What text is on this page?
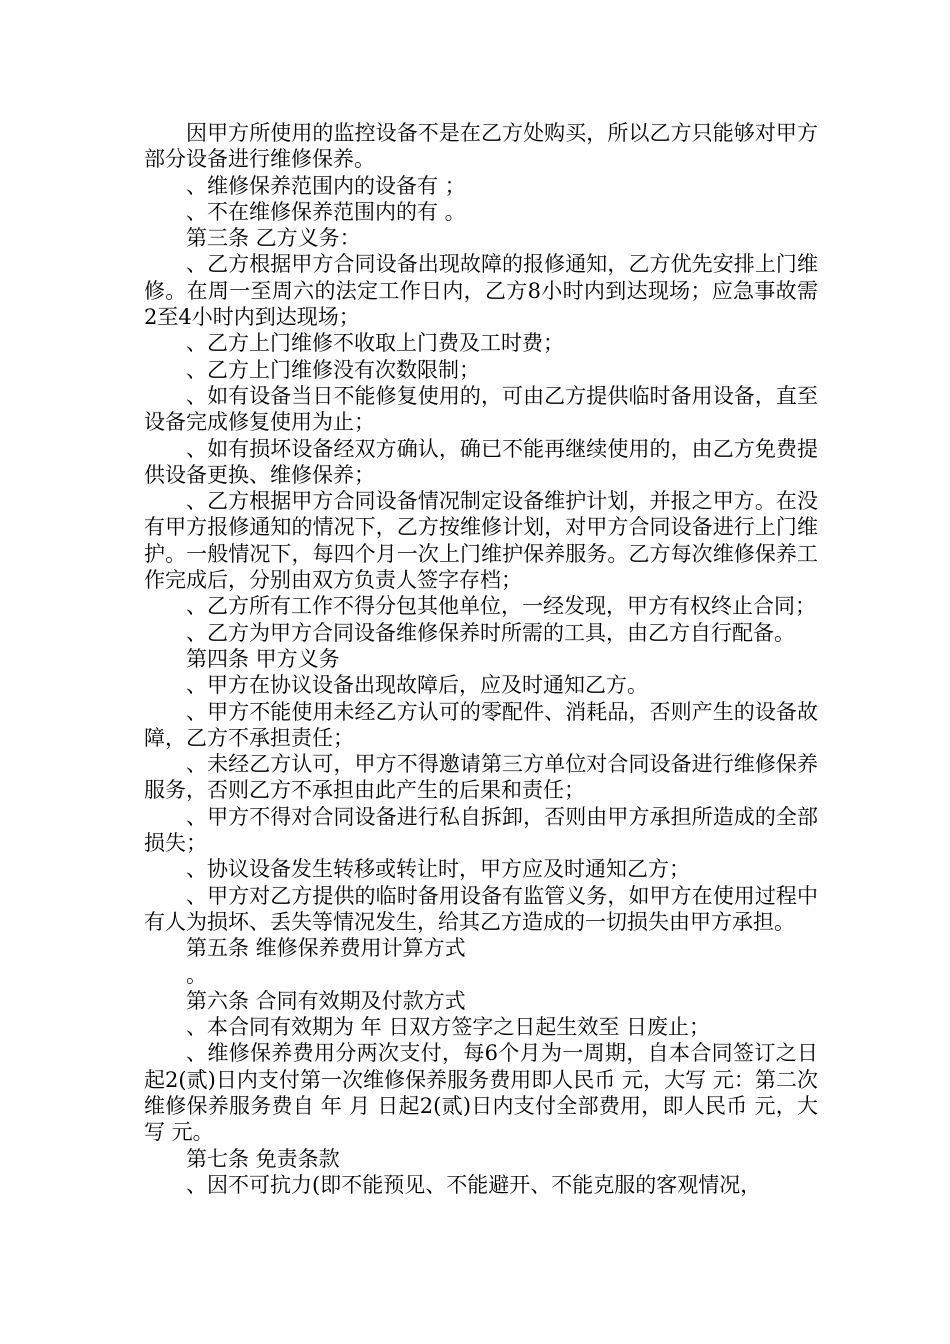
因甲方所使用的监控设备不是在乙方处购买，所以乙方只能够对甲方部分设备进行维修保养。

、维修保养范围内的设备有 ；

、不在维修保养范围内的有 。

第三条 乙方义务：

、乙方根据甲方合同设备出现故障的报修通知，乙方优先安排上门维修。在周一至周六的法定工作日内，乙方8小时内到达现场；应急事故需2至4小时内到达现场；

、乙方上门维修不收取上门费及工时费；

、乙方上门维修没有次数限制；

、如有设备当日不能修复使用的，可由乙方提供临时备用设备，直至设备完成修复使用为止；

、如有损坏设备经双方确认，确已不能再继续使用的，由乙方免费提供设备更换、维修保养；

、乙方根据甲方合同设备情况制定设备维护计划，并报之甲方。在没有甲方报修通知的情况下，乙方按维修计划，对甲方合同设备进行上门维护。一般情况下，每四个月一次上门维护保养服务。乙方每次维修保养工作完成后，分别由双方负责人签字存档；

、乙方所有工作不得分包其他单位，一经发现，甲方有权终止合同；

、乙方为甲方合同设备维修保养时所需的工具，由乙方自行配备。

第四条 甲方义务

、甲方在协议设备出现故障后，应及时通知乙方。

、甲方不能使用未经乙方认可的零配件、消耗品，否则产生的设备故障，乙方不承担责任；

、未经乙方认可，甲方不得邀请第三方单位对合同设备进行维修保养服务，否则乙方不承担由此产生的后果和责任；

、甲方不得对合同设备进行私自拆卸，否则由甲方承担所造成的全部损失；

、协议设备发生转移或转让时，甲方应及时通知乙方；

、甲方对乙方提供的临时备用设备有监管义务，如甲方在使用过程中有人为损坏、丢失等情况发生，给其乙方造成的一切损失由甲方承担。

第五条 维修保养费用计算方式

。

第六条 合同有效期及付款方式

、本合同有效期为 年 日双方签字之日起生效至 日废止；

、维修保养费用分两次支付，每6个月为一周期，自本合同签订之日起2(贰)日内支付第一次维修保养服务费用即人民币 元，大写 元：第二次维修保养服务费自 年 月 日起2(贰)日内支付全部费用，即人民币 元，大写 元。

第七条 免责条款

、因不可抗力(即不能预见、不能避开、不能克服的客观情况，
